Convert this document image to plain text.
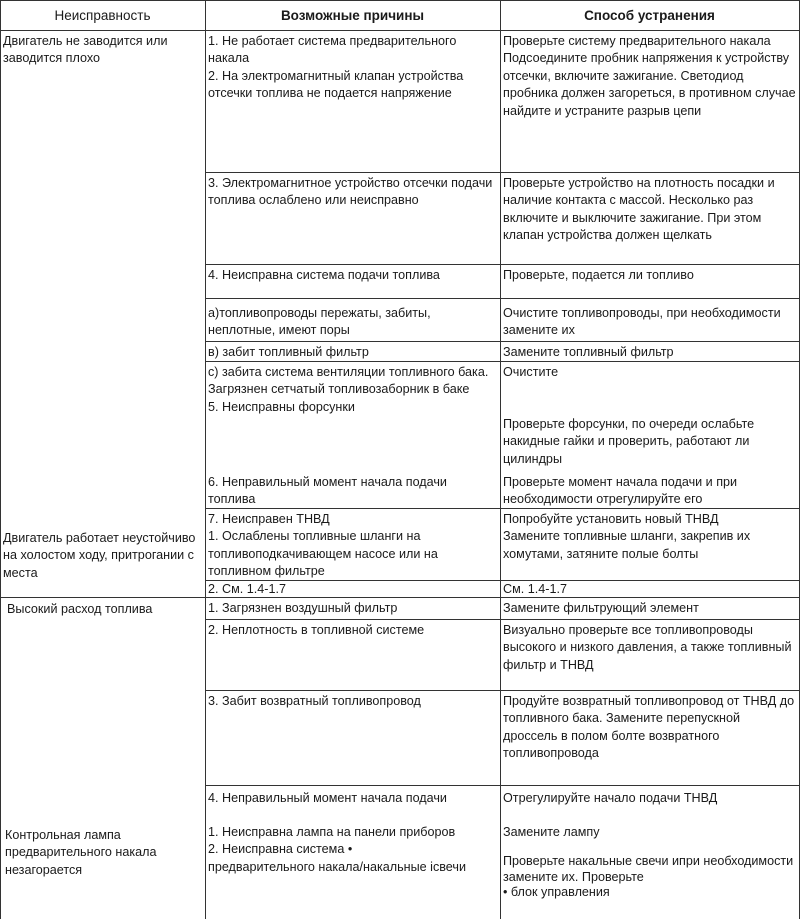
Неисправность	Возможные причины	Способ устранения
Двигатель не заводится или заводится плохо
Двигатель работает неустойчиво на холостом ходу, притрогании с места
Высокий расход топлива
Контрольная лампа предварительного накала незагорается
1. Не работает система предварительного накала
2. На электромагнитный клапан устройства отсечки топлива не подается напряжение
3. Электромагнитное устройство отсечки подачи топлива ослаблено или неисправно
4. Неисправна система подачи топлива
а)топливопроводы пережаты, забиты, неплотные, имеют поры
в) забит топливный фильтр
с) забита система вентиляции топливного бака. Загрязнен сетчатый топливозаборник в баке
5. Неисправны форсунки
6. Неправильный момент начала подачи топлива
7. Неисправен ТНВД
1. Ослаблены топливные шланги на топливоподкачивающем насосе или на топливном фильтре
2. См. 1.4-1.7
1. Загрязнен воздушный фильтр
2. Неплотность в топливной системе
3. Забит возвратный топливопровод
4. Неправильный момент начала подачи
1. Неисправна лампа на панели приборов
2. Неисправна система •
предварительного накала/накальные iсвечи
Проверьте систему предварительного накала
Подсоедините пробник напряжения к устройству отсечки, включите зажигание. Светодиод пробника должен загореться, в противном случае найдите и устраните разрыв цепи
Проверьте устройство на плотность посадки и наличие контакта с массой. Несколько раз включите и выключите зажигание. При этом клапан устройства должен щелкать
Проверьте, подается ли топливо
Очистите топливопроводы, при необходимости замените их
Замените топливный фильтр
Очистите
Проверьте форсунки, по очереди ослабьте накидные гайки и проверить, работают ли цилиндры
Проверьте момент начала подачи и при необходимости отрегулируйте его
Попробуйте установить новый ТНВД
Замените топливные шланги, закрепив их хомутами, затяните полые болты
См. 1.4-1.7
Замените фильтрующий элемент
Визуально проверьте все топливопроводы высокого и низкого давления, а также топливный фильтр и ТНВД
Продуйте возвратный топливопровод от ТНВД до топливного бака. Замените перепускной дроссель в полом болте возвратного топливопровода
Отрегулируйте начало подачи ТНВД
Замените лампу
Проверьте накальные свечи ипри необходимости замените их. Проверьте
• блок управления
